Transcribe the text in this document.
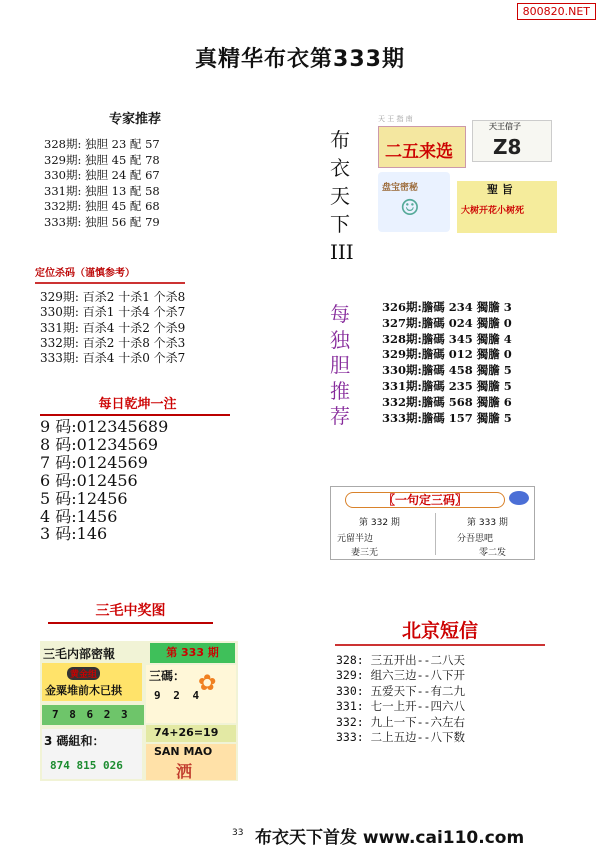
800820.NET
真精华布衣第333期
专家推荐
328期: 独胆 23 配 57
329期: 独胆 45 配 78
330期: 独胆 24 配 67
331期: 独胆 13 配 58
332期: 独胆 45 配 68
333期: 独胆 56 配 79
定位杀码（谨慎参考）
329期: 百杀2 十杀1 个杀8
330期: 百杀1 十杀4 个杀7
331期: 百杀4 十杀2 个杀9
332期: 百杀2 十杀8 个杀3
333期: 百杀4 十杀0 个杀7
每日乾坤一注
9 码:012345689
8 码:01234569
7 码:0124569
6 码:012456
5 码:12456
4 码:1456
3 码:146
三毛中奖图
三毛内部密報	第 333 期
黄金组
金粟堆前木已拱
三碼：
9 2 4
✿
7 8 6 2 3
74+26=19
3 碼組和：
874 815 026
SAN MAO
洒
布衣天下III
天 王 指 南
二五来选
天王信子
Z8
盘宝密秘
☺
聖 旨
大树开花小树死
每独胆推荐
326期:膽碼 234 獨膽 3
327期:膽碼 024 獨膽 0
328期:膽碼 345 獨膽 4
329期:膽碼 012 獨膽 0
330期:膽碼 458 獨膽 5
331期:膽碼 235 獨膽 5
332期:膽碼 568 獨膽 6
333期:膽碼 157 獨膽 5
〖一句定三码〗
第 332 期
元留半边
妻三无
第 333 期
分吾思吧
零二发
北京短信
328: 三五开出--二八天
329: 组六三边--八下开
330: 五爱天下--有二九
331: 七一上开--四六八
332: 九上一下--六左右
333: 二上五边--八下数
33 布衣天下首发 www.cai110.com
